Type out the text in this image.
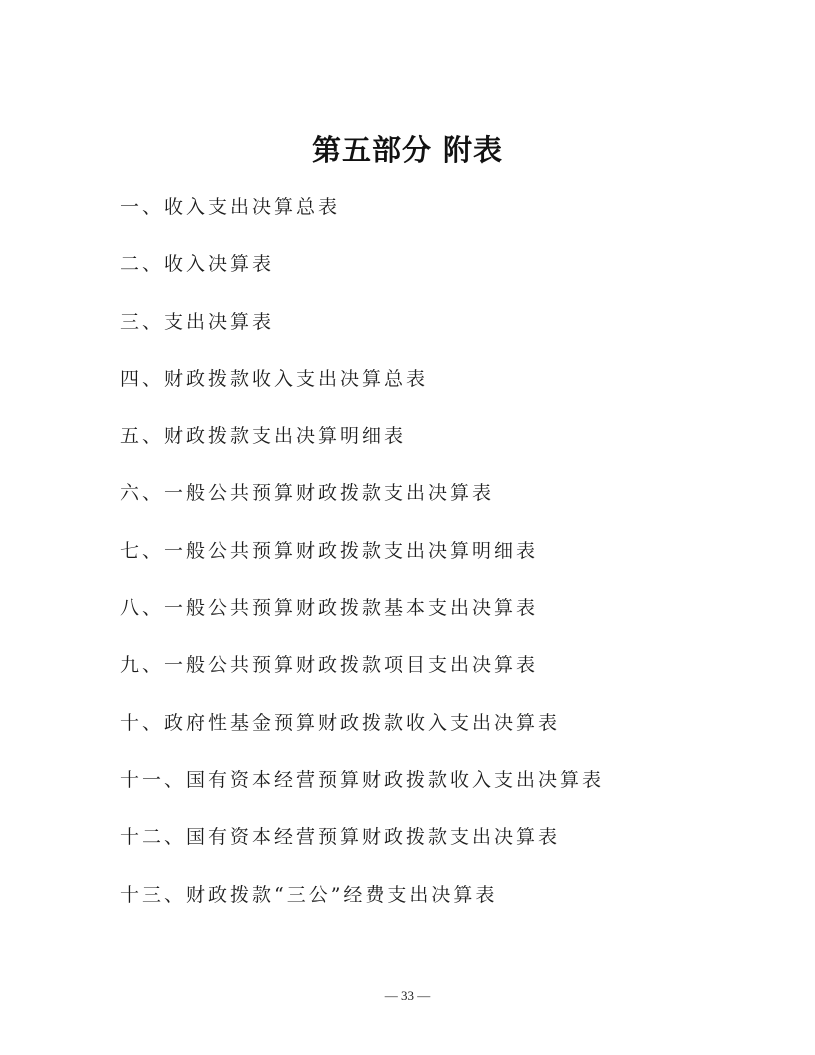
第五部分 附表
一、收入支出决算总表
二、收入决算表
三、支出决算表
四、财政拨款收入支出决算总表
五、财政拨款支出决算明细表
六、一般公共预算财政拨款支出决算表
七、一般公共预算财政拨款支出决算明细表
八、一般公共预算财政拨款基本支出决算表
九、一般公共预算财政拨款项目支出决算表
十、政府性基金预算财政拨款收入支出决算表
十一、国有资本经营预算财政拨款收入支出决算表
十二、国有资本经营预算财政拨款支出决算表
十三、财政拨款“三公”经费支出决算表
— 33 —
